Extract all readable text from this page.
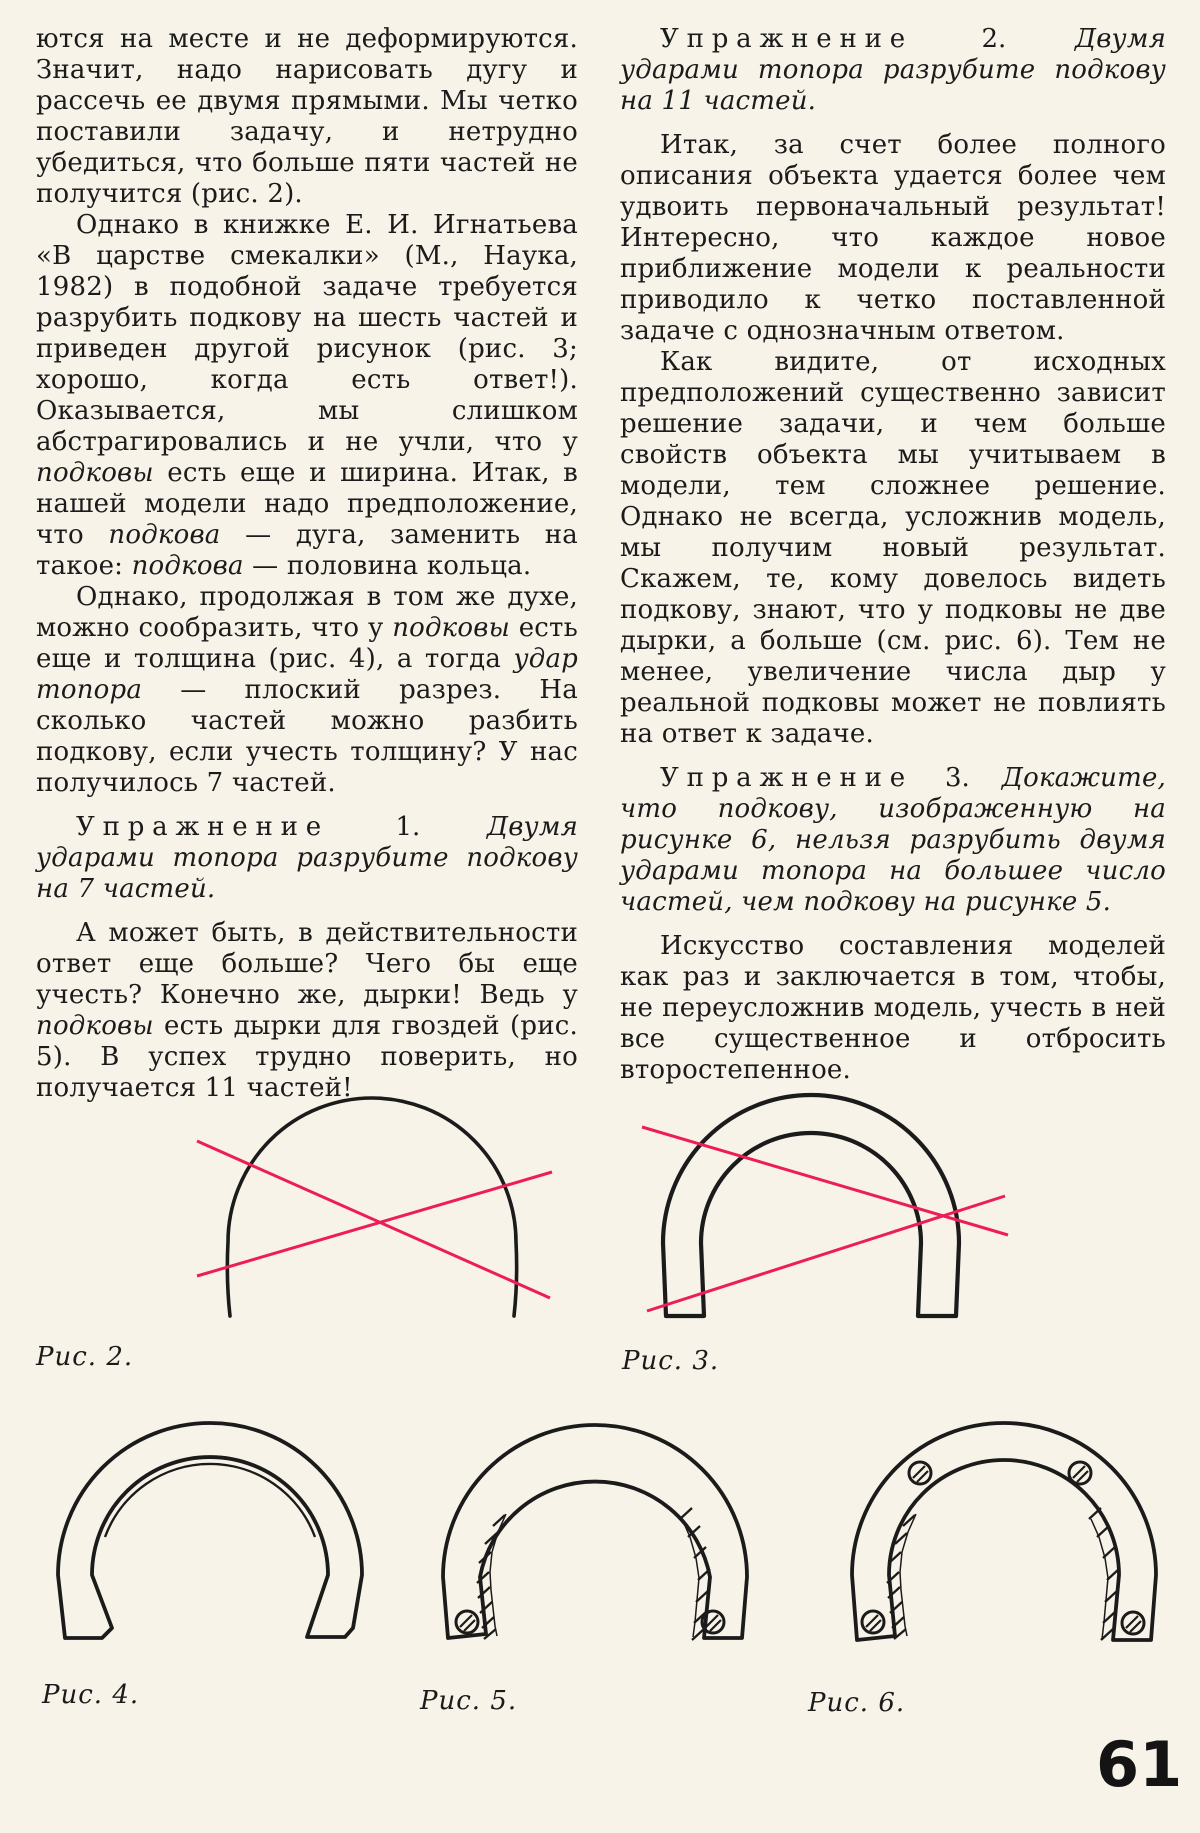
ются на месте и не деформируются. Значит, надо нарисовать дугу и рассечь ее двумя прямыми. Мы четко поставили задачу, и нетрудно убедиться, что больше пяти частей не получится (рис. 2).

Однако в книжке Е. И. Игнатьева «В царстве смекалки» (М., Наука, 1982) в подобной задаче требуется разрубить подкову на шесть частей и приведен другой рисунок (рис. 3; хорошо, когда есть ответ!). Оказывается, мы слишком абстрагировались и не учли, что у подковы есть еще и ширина. Итак, в нашей модели надо предположение, что подкова — дуга, заменить на такое: подкова — половина кольца.

Однако, продолжая в том же духе, можно сообразить, что у подковы есть еще и толщина (рис. 4), а тогда удар топора — плоский разрез. На сколько частей можно разбить подкову, если учесть толщину? У нас получилось 7 частей.

Упражнение 1. Двумя ударами топора разрубите подкову на 7 частей.

А может быть, в действительности ответ еще больше? Чего бы еще учесть? Конечно же, дырки! Ведь у подковы есть дырки для гвоздей (рис. 5). В успех трудно поверить, но получается 11 частей!

Упражнение 2. Двумя ударами топора разрубите подкову на 11 частей.

Итак, за счет более полного описания объекта удается более чем удвоить первоначальный результат! Интересно, что каждое новое приближение модели к реальности приводило к четко поставленной задаче с однозначным ответом.

Как видите, от исходных предположений существенно зависит решение задачи, и чем больше свойств объекта мы учитываем в модели, тем сложнее решение. Однако не всегда, усложнив модель, мы получим новый результат. Скажем, те, кому довелось видеть подкову, знают, что у подковы не две дырки, а больше (см. рис. 6). Тем не менее, увеличение числа дыр у реальной подковы может не повлиять на ответ к задаче.

Упражнение 3. Докажите, что подкову, изображенную на рисунке 6, нельзя разрубить двумя ударами топора на большее число частей, чем подкову на рисунке 5.

Искусство составления моделей как раз и заключается в том, чтобы, не переусложнив модель, учесть в ней все существенное и отбросить второстепенное.

Рис. 2.	Рис. 3.
Рис. 4.	Рис. 5.	Рис. 6.
61
